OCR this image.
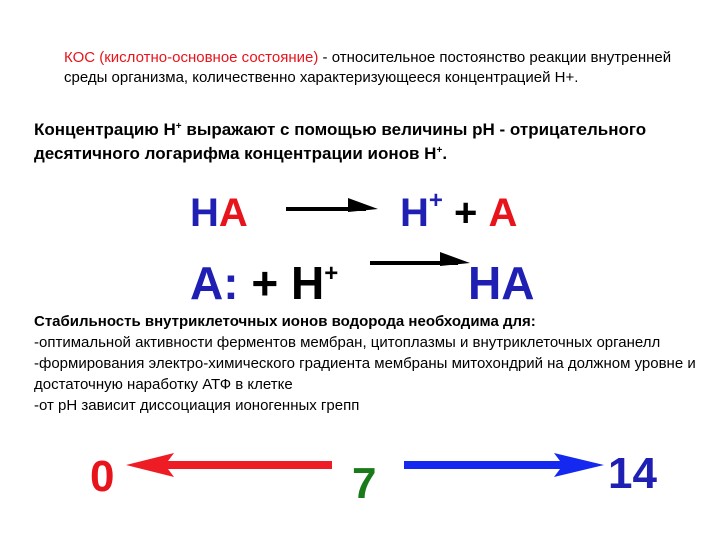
КОС (кислотно-основное состояние) - относительное постоянство реакции внутренней среды организма, количественно характеризующееся концентрацией Н+.
Концентрацию Н+ выражают с помощью величины рН - отрицательного десятичного логарифма концентрации ионов Н+.
НА	Н+ + А
А: + Н+	НА
Стабильность внутриклеточных ионов водорода необходима для:
-оптимальной активности ферментов мембран, цитоплазмы и внутриклеточных органелл
-формирования электро-химического градиента мембраны митохондрий на должном уровне и достаточную наработку АТФ в клетке
-от рН зависит диссоциация ионогенных грепп
0	7	14
